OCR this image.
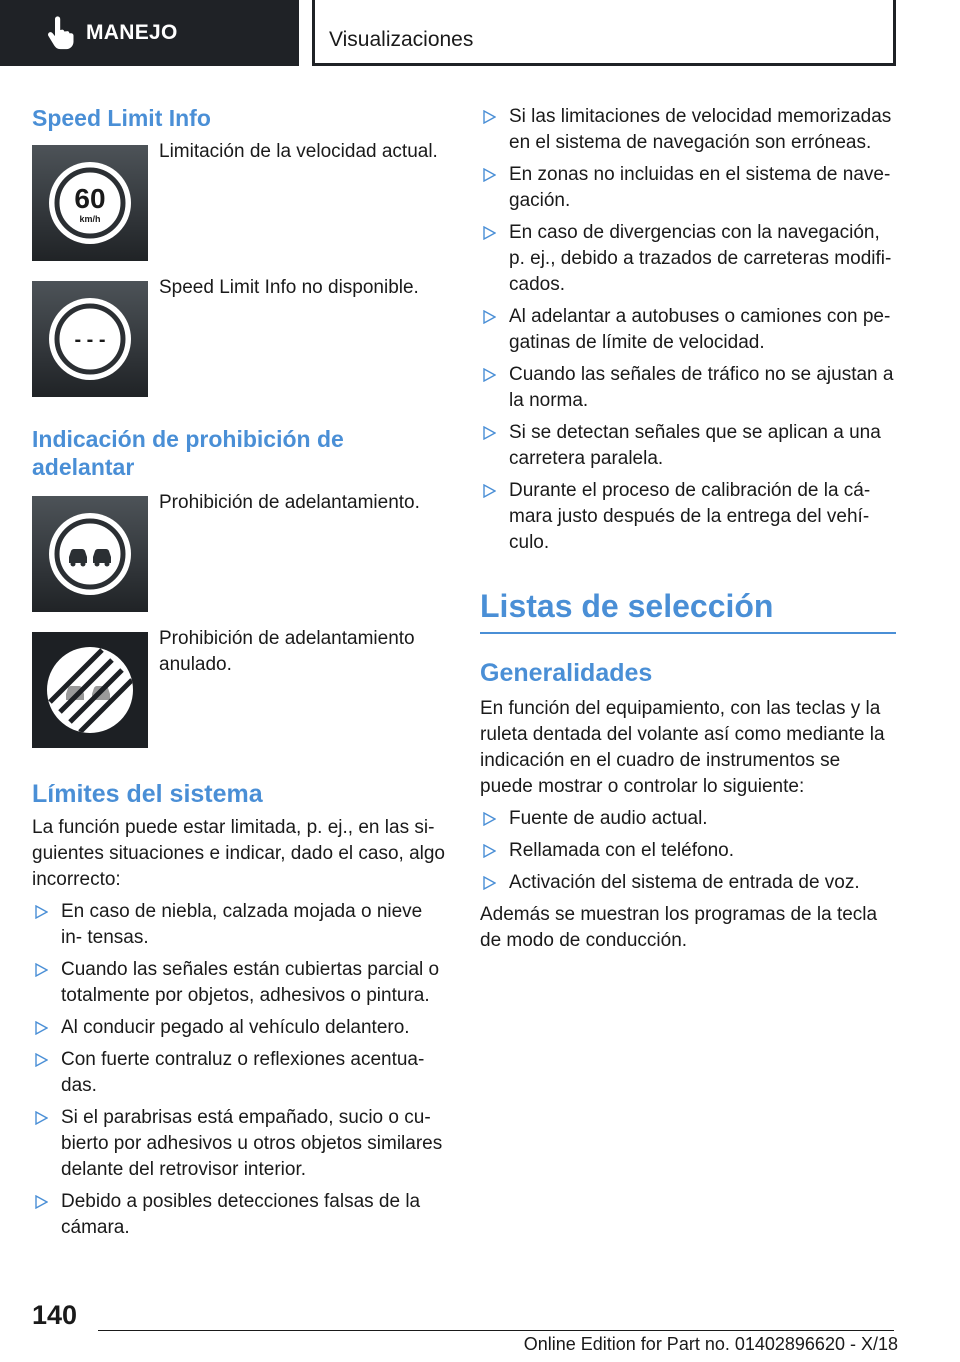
MANEJO	Visualizaciones
Speed Limit Info
60
km/h
Limitación de la velocidad actual.
- - -
Speed Limit Info no disponible.
Indicación de prohibición de adelantar
Prohibición de adelantamiento.
Prohibición de adelantamiento anulado.
Límites del sistema

La función puede estar limitada, p. ej., en las si‐ guientes situaciones e indicar, dado el caso, algo incorrecto:

En caso de niebla, calzada mojada o nieve in‐ tensas.
Cuando las señales están cubiertas parcial o totalmente por objetos, adhesivos o pintura.
Al conducir pegado al vehículo delantero.
Con fuerte contraluz o reflexiones acentua‐ das.
Si el parabrisas está empañado, sucio o cu‐ bierto por adhesivos u otros objetos similares delante del retrovisor interior.
Debido a posibles detecciones falsas de la cámara.
Si las limitaciones de velocidad memorizadas en el sistema de navegación son erróneas.
En zonas no incluidas en el sistema de nave‐ gación.
En caso de divergencias con la navegación, p. ej., debido a trazados de carreteras modifi‐ cados.
Al adelantar a autobuses o camiones con pe‐ gatinas de límite de velocidad.
Cuando las señales de tráfico no se ajustan a la norma.
Si se detectan señales que se aplican a una carretera paralela.
Durante el proceso de calibración de la cá‐ mara justo después de la entrega del vehí‐ culo.
Listas de selección
Generalidades

En función del equipamiento, con las teclas y la ruleta dentada del volante así como mediante la indicación en el cuadro de instrumentos se puede mostrar o controlar lo siguiente:

Fuente de audio actual.
Rellamada con el teléfono.
Activación del sistema de entrada de voz.

Además se muestran los programas de la tecla de modo de conducción.

140
Online Edition for Part no. 01402896620 - X/18
